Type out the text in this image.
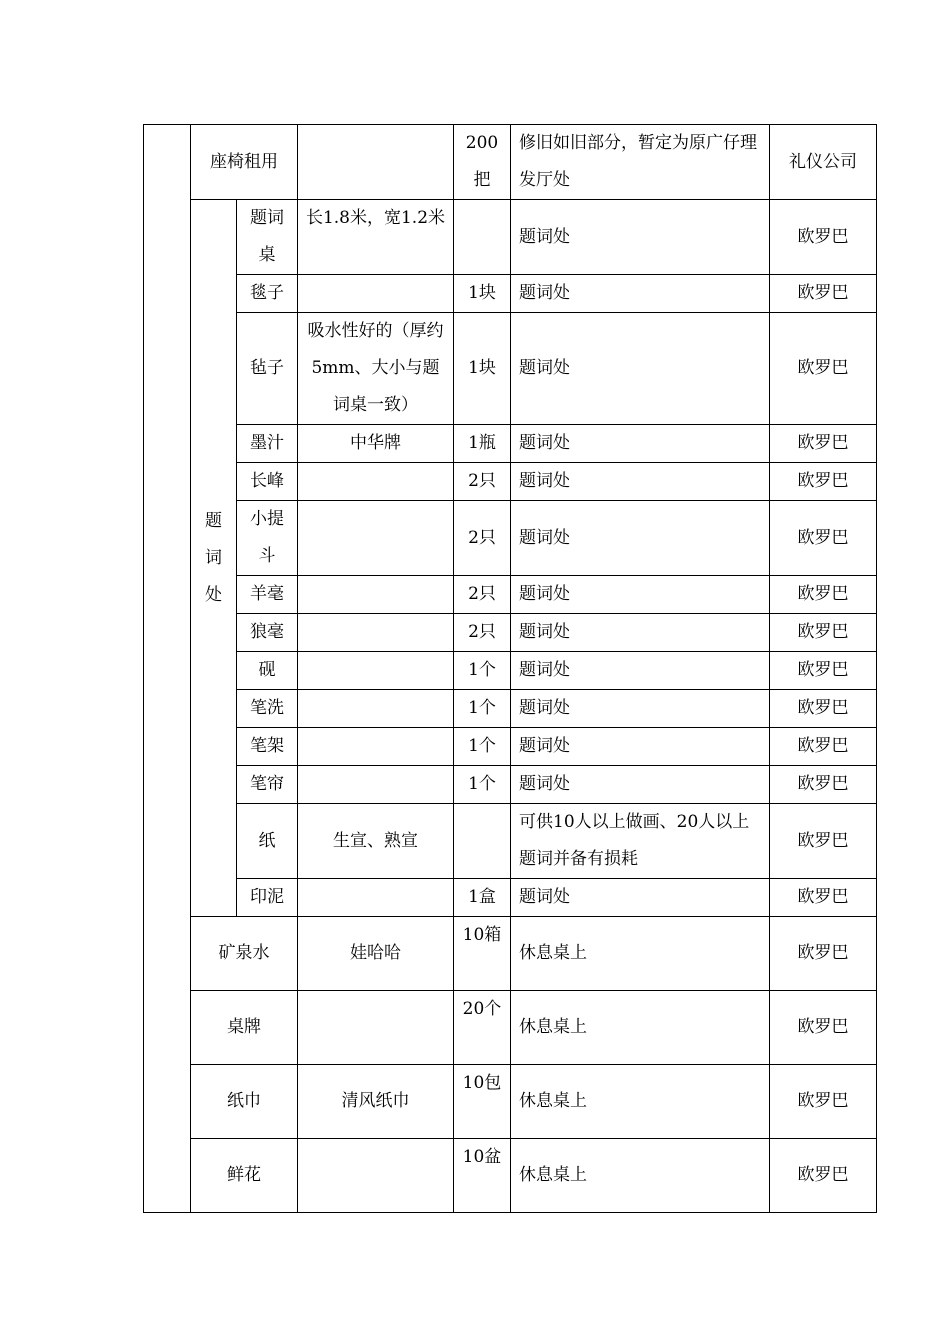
	座椅租用			200把	修旧如旧部分，暂定为原广仔理发厅处	礼仪公司
	题词处	题词桌	长1.8米，宽1.2米		题词处	欧罗巴
		毯子		1块	题词处	欧罗巴
		毡子	吸水性好的（厚约5mm、大小与题词桌一致）	1块	题词处	欧罗巴
		墨汁	中华牌	1瓶	题词处	欧罗巴
		长峰		2只	题词处	欧罗巴
		小提斗		2只	题词处	欧罗巴
		羊毫		2只	题词处	欧罗巴
		狼毫		2只	题词处	欧罗巴
		砚		1个	题词处	欧罗巴
		笔洗		1个	题词处	欧罗巴
		笔架		1个	题词处	欧罗巴
		笔帘		1个	题词处	欧罗巴
		纸	生宣、熟宣		可供10人以上做画、20人以上题词并备有损耗	欧罗巴
		印泥		1盒	题词处	欧罗巴
	矿泉水		娃哈哈	10箱	休息桌上	欧罗巴
	桌牌			20个	休息桌上	欧罗巴
	纸巾		清风纸巾	10包	休息桌上	欧罗巴
	鲜花			10盆	休息桌上	欧罗巴
